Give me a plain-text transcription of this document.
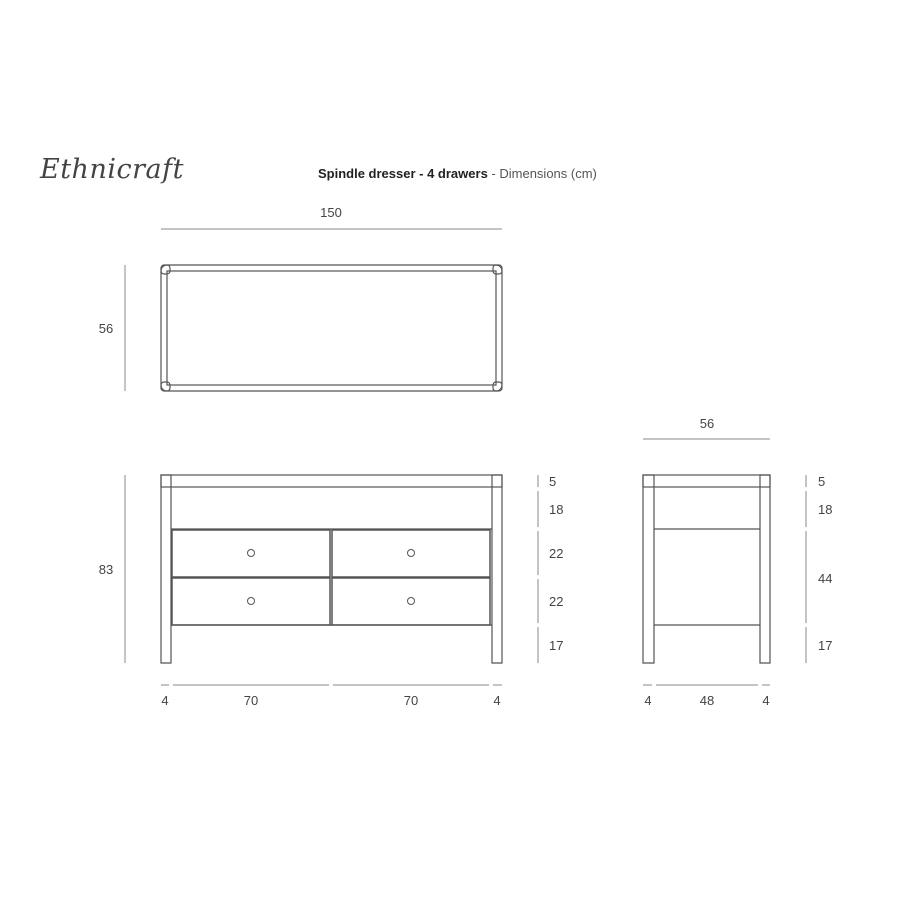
Ethnicraft	Spindle dresser - 4 drawers - Dimensions (cm)
150
56
83
5
18
22
22
17
4	70	70	4
56
5
18
44
17
4	48	4
